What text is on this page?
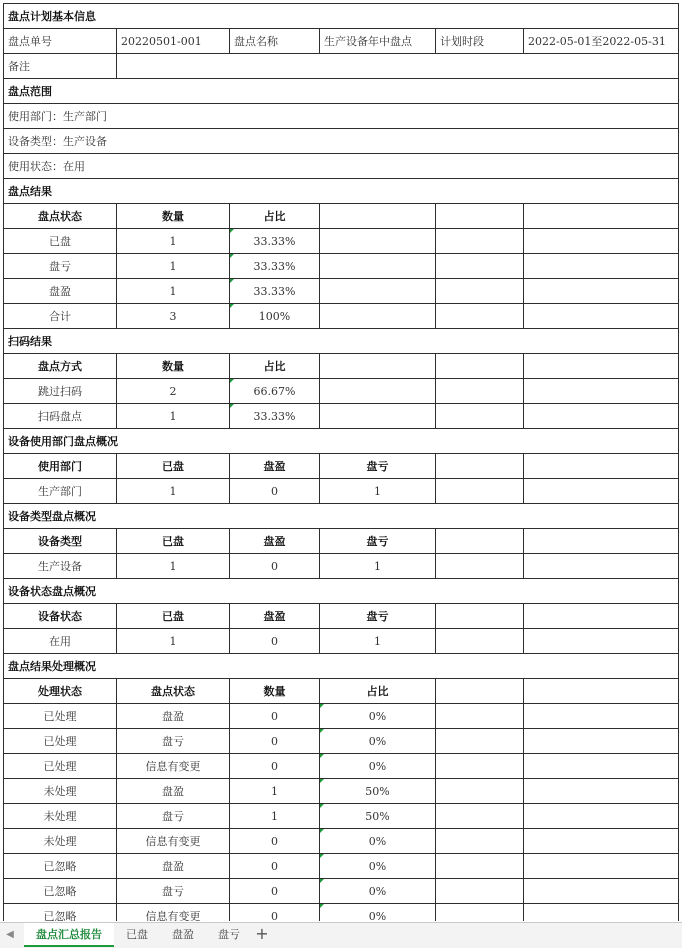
盘点计划基本信息					
盘点单号	20220501-001	盘点名称	生产设备年中盘点	计划时段	2022-05-01至2022-05-31
备注					
盘点范围					
使用部门：生产部门					
设备类型：生产设备					
使用状态：在用					
盘点结果					
盘点状态	数量	占比			
已盘	1	33.33%			
盘亏	1	33.33%			
盘盈	1	33.33%			
合计	3	100%			
扫码结果					
盘点方式	数量	占比			
跳过扫码	2	66.67%			
扫码盘点	1	33.33%			
设备使用部门盘点概况					
使用部门	已盘	盘盈	盘亏		
生产部门	1	0	1		
设备类型盘点概况					
设备类型	已盘	盘盈	盘亏		
生产设备	1	0	1		
设备状态盘点概况					
设备状态	已盘	盘盈	盘亏		
在用	1	0	1		
盘点结果处理概况					
处理状态	盘点状态	数量	占比		
已处理	盘盈	0	0%		
已处理	盘亏	0	0%		
已处理	信息有变更	0	0%		
未处理	盘盈	1	50%		
未处理	盘亏	1	50%		
未处理	信息有变更	0	0%		
已忽略	盘盈	0	0%		
已忽略	盘亏	0	0%		
已忽略	信息有变更	0	0%		
◀	盘点汇总报告	已盘	盘盈	盘亏 +
